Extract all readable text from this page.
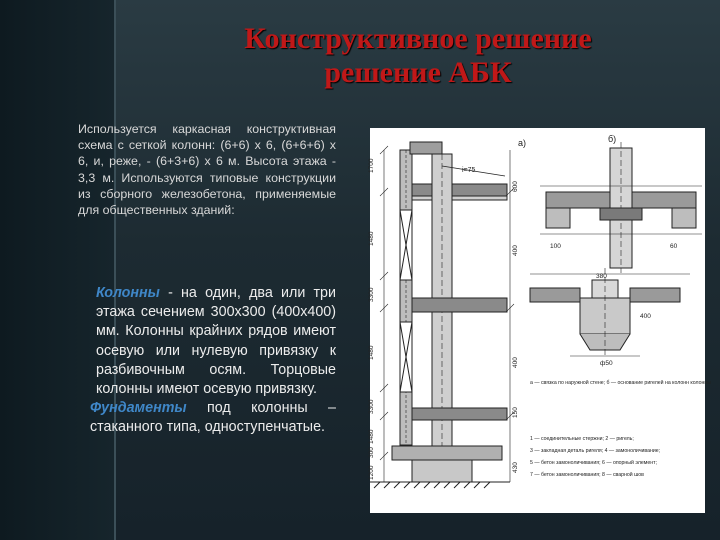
Конструктивное решение
решение АБК
Используется каркасная конструктивная схема с сеткой колонн: (6+6) х 6, (6+6+6) х 6, и, реже, - (6+3+6) х 6 м. Высота этажа - 3,3 м. Используются типовые конструкции из сборного железобетона, применяемые для общественных зданий:

Колонны - на один, два или три этажа сечением 300х300 (400х400) мм. Колонны крайних рядов имеют осевую или нулевую привязку к разбивочным осям. Торцовые колонны имеют осевую привязку.

Фундаменты под колонны – стаканного типа, одноступенчатые.

а)	б)
i=75
1700
1480
3300
1480
3300
1480
300
1200
600
400
400
150
430
380
ф50
400
60
100
а — связка по наружной стене; б — основание ригелей на колонн колонны
1 — соединительные стержни; 2 — ригель;
3 — закладная деталь ригеля; 4 — замоноличивание;
5 — бетон замоноличивания; 6 — опорный элемент;
7 — бетон замоноличивания; 8 — сварной шов
